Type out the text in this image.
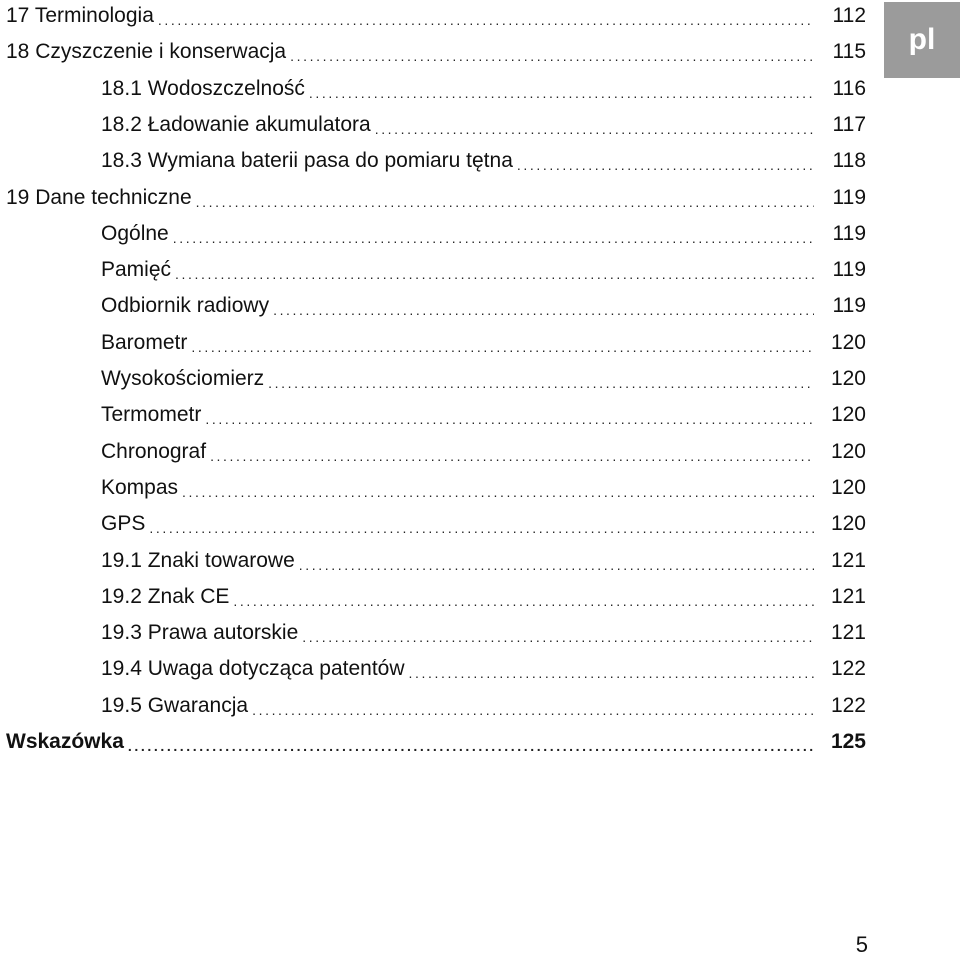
17 Terminologia .....	112
18 Czyszczenie i konserwacja .....	115
18.1 Wodoszczelność .....	116
18.2 Ładowanie akumulatora .....	117
18.3 Wymiana baterii pasa do pomiaru tętna .....	118
19 Dane techniczne .....	119
Ogólne .....	119
Pamięć .....	119
Odbiornik radiowy .....	119
Barometr .....	120
Wysokościomierz .....	120
Termometr .....	120
Chronograf .....	120
Kompas .....	120
GPS .....	120
19.1 Znaki towarowe .....	121
19.2 Znak CE .....	121
19.3 Prawa autorskie .....	121
19.4 Uwaga dotycząca patentów .....	122
19.5 Gwarancja .....	122
Wskazówka .....	125
pl
5
